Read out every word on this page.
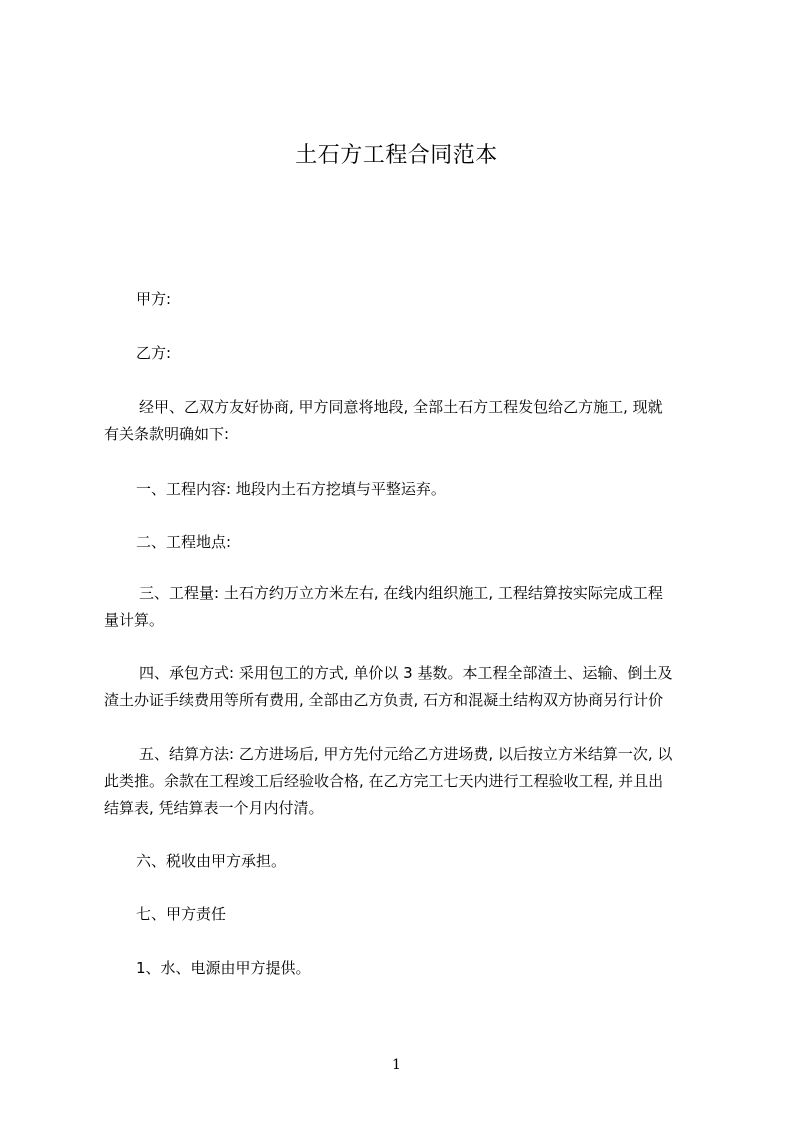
土石方工程合同范本
甲方:
乙方:
经甲、乙双方友好协商, 甲方同意将地段, 全部土石方工程发包给乙方施工, 现就
有关条款明确如下:
一、工程内容: 地段内土石方挖填与平整运弃。
二、工程地点:
三、工程量: 土石方约万立方米左右, 在线内组织施工, 工程结算按实际完成工程
量计算。
四、承包方式: 采用包工的方式, 单价以 3 基数。本工程全部渣土、运输、倒土及
渣土办证手续费用等所有费用, 全部由乙方负责, 石方和混凝土结构双方协商另行计价
五、结算方法: 乙方进场后, 甲方先付元给乙方进场费, 以后按立方米结算一次, 以
此类推。余款在工程竣工后经验收合格, 在乙方完工七天内进行工程验收工程, 并且出
结算表, 凭结算表一个月内付清。
六、税收由甲方承担。
七、甲方责任
1、水、电源由甲方提供。
1
